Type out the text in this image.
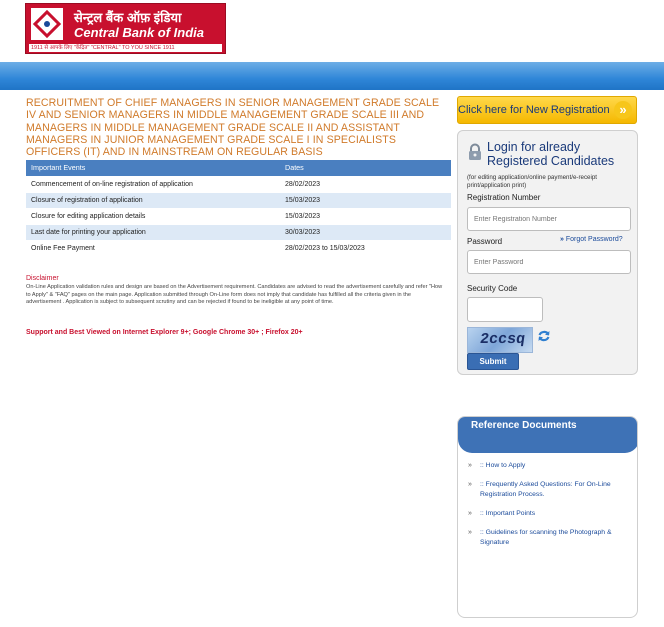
सेन्ट्रल बैंक ऑफ़ इंडिया
Central Bank of India
1911 से आपके लिए "केंद्रित" "CENTRAL" TO YOU SINCE 1911
RECRUITMENT OF CHIEF MANAGERS IN SENIOR MANAGEMENT GRADE SCALE IV AND SENIOR MANAGERS IN MIDDLE MANAGEMENT GRADE SCALE III AND MANAGERS IN MIDDLE MANAGEMENT GRADE SCALE II AND ASSISTANT MANAGERS IN JUNIOR MANAGEMENT GRADE SCALE I IN SPECIALISTS OFFICERS (IT) AND IN MAINSTREAM ON REGULAR BASIS
Important Events	Dates
Commencement of on-line registration of application	28/02/2023
Closure of registration of application	15/03/2023
Closure for editing application details	15/03/2023
Last date for printing your application	30/03/2023
Online Fee Payment	28/02/2023 to 15/03/2023
Disclaimer
On-Line Application validation rules and design are based on the Advertisement requirement. Candidates are advised to read the advertisement carefully and refer "How to Apply" & "FAQ" pages on the main page. Application submitted through On-Line form does not imply that candidate has fulfilled all the criteria given in the advertisement . Application is subject to subsequent scrutiny and can be rejected if found to be ineligible at any point of time.
Support and Best Viewed on Internet Explorer 9+; Google Chrome 30+ ; Firefox 20+
Click here for New Registration »
Login for already
Registered Candidates
(for editing application/online payment/e-receipt print/application print)
Registration Number
Enter Registration Number
Password	» Forgot Password?
Security Code
2ccsq
Submit
Reference Documents
» :: How to Apply
» :: Frequently Asked Questions: For On-Line Registration Process.
» :: Important Points
» :: Guidelines for scanning the Photograph & Signature
